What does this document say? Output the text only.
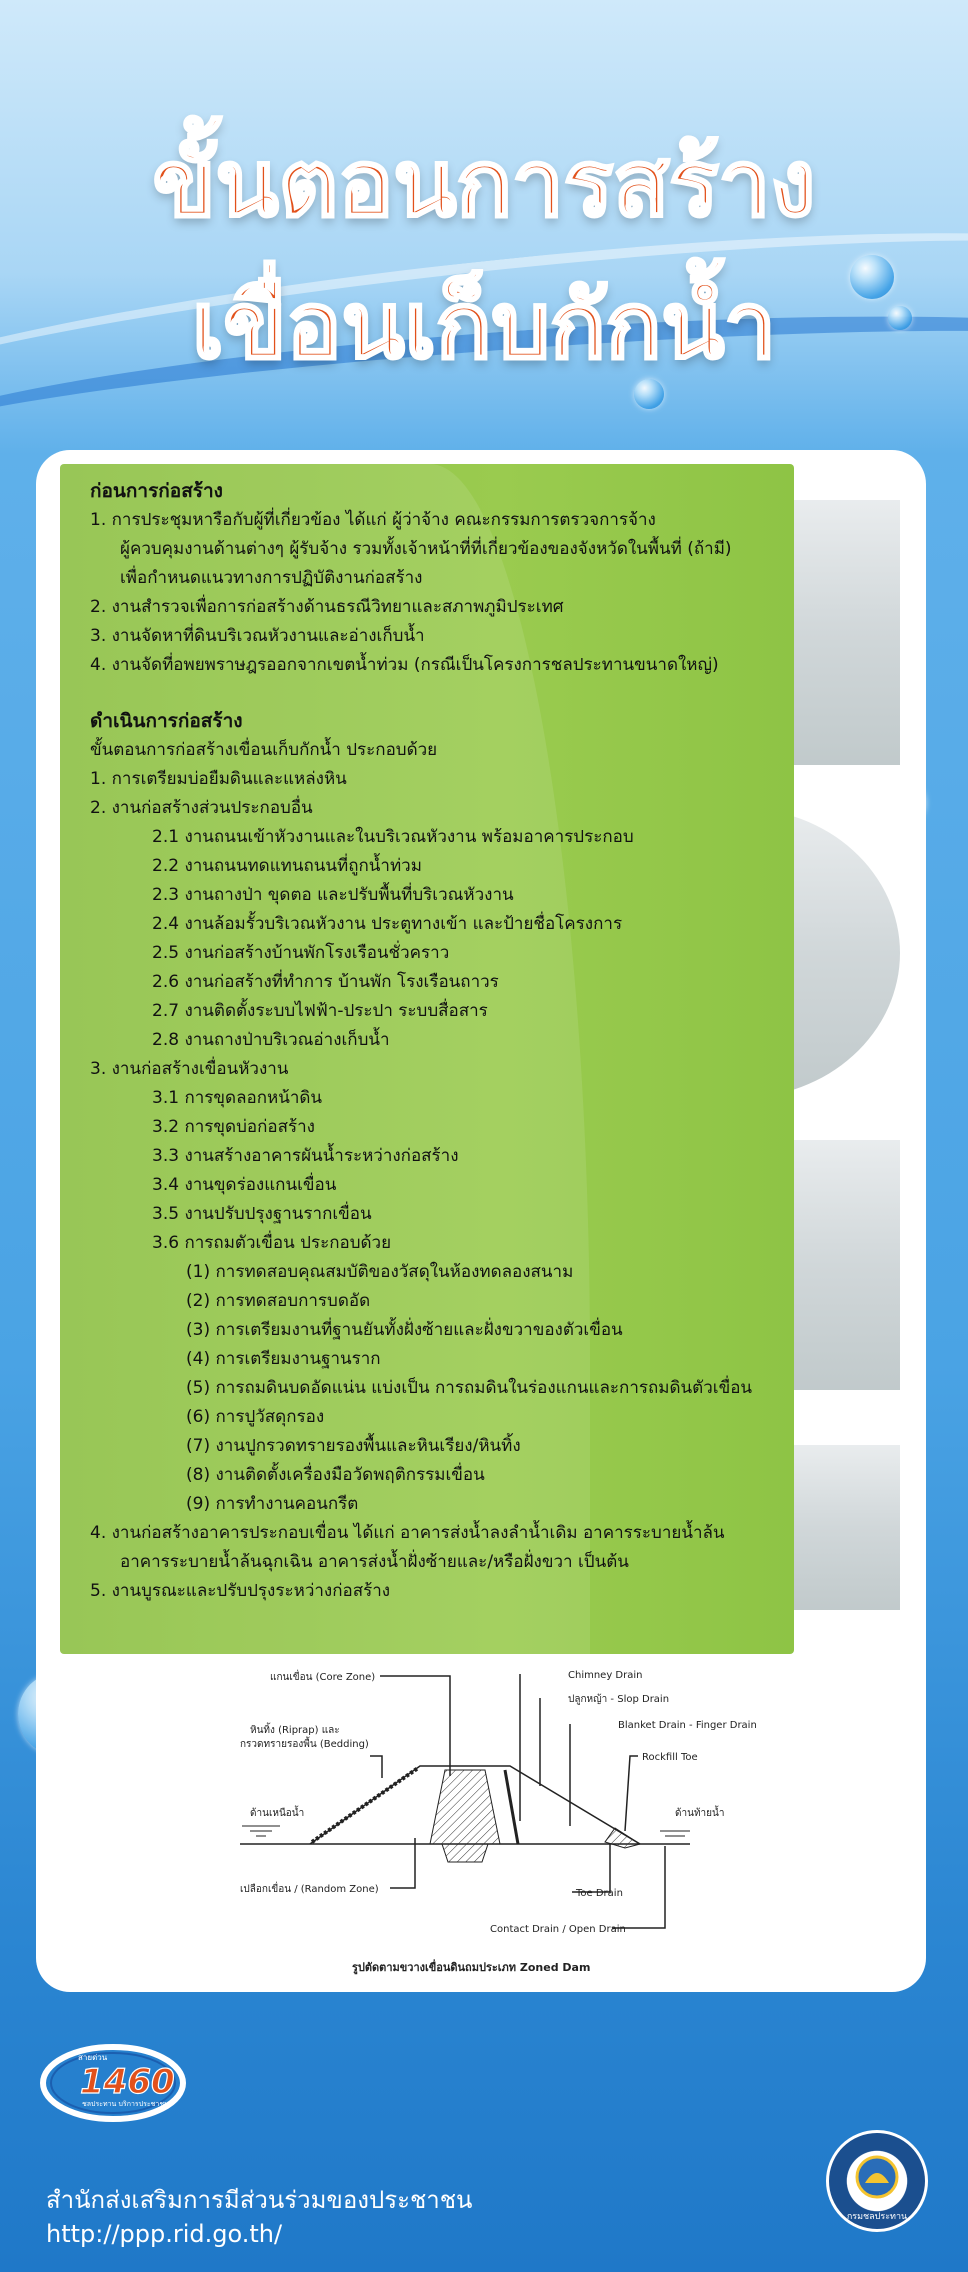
ขั้นตอนการสร้าง
เขื่อนเก็บกักน้ำ
ก่อนการก่อสร้าง
1. การประชุมหารือกับผู้ที่เกี่ยวข้อง ได้แก่ ผู้ว่าจ้าง คณะกรรมการตรวจการจ้าง
ผู้ควบคุมงานด้านต่างๆ ผู้รับจ้าง รวมทั้งเจ้าหน้าที่ที่เกี่ยวข้องของจังหวัดในพื้นที่ (ถ้ามี)
เพื่อกำหนดแนวทางการปฏิบัติงานก่อสร้าง
2. งานสำรวจเพื่อการก่อสร้างด้านธรณีวิทยาและสภาพภูมิประเทศ
3. งานจัดหาที่ดินบริเวณหัวงานและอ่างเก็บน้ำ
4. งานจัดที่อพยพราษฎรออกจากเขตน้ำท่วม (กรณีเป็นโครงการชลประทานขนาดใหญ่)
ดำเนินการก่อสร้าง
ขั้นตอนการก่อสร้างเขื่อนเก็บกักน้ำ ประกอบด้วย
1. การเตรียมบ่อยืมดินและแหล่งหิน
2. งานก่อสร้างส่วนประกอบอื่น
2.1 งานถนนเข้าหัวงานและในบริเวณหัวงาน พร้อมอาคารประกอบ
2.2 งานถนนทดแทนถนนที่ถูกน้ำท่วม
2.3 งานถางป่า ขุดตอ และปรับพื้นที่บริเวณหัวงาน
2.4 งานล้อมรั้วบริเวณหัวงาน ประตูทางเข้า และป้ายชื่อโครงการ
2.5 งานก่อสร้างบ้านพักโรงเรือนชั่วคราว
2.6 งานก่อสร้างที่ทำการ บ้านพัก โรงเรือนถาวร
2.7 งานติดตั้งระบบไฟฟ้า-ประปา ระบบสื่อสาร
2.8 งานถางป่าบริเวณอ่างเก็บน้ำ
3. งานก่อสร้างเขื่อนหัวงาน
3.1 การขุดลอกหน้าดิน
3.2 การขุดบ่อก่อสร้าง
3.3 งานสร้างอาคารผันน้ำระหว่างก่อสร้าง
3.4 งานขุดร่องแกนเขื่อน
3.5 งานปรับปรุงฐานรากเขื่อน
3.6 การถมตัวเขื่อน ประกอบด้วย
(1) การทดสอบคุณสมบัติของวัสดุในห้องทดลองสนาม
(2) การทดสอบการบดอัด
(3) การเตรียมงานที่ฐานยันทั้งฝั่งซ้ายและฝั่งขวาของตัวเขื่อน
(4) การเตรียมงานฐานราก
(5) การถมดินบดอัดแน่น แบ่งเป็น การถมดินในร่องแกนและการถมดินตัวเขื่อน
(6) การปูวัสดุกรอง
(7) งานปูกรวดทรายรองพื้นและหินเรียง/หินทิ้ง
(8) งานติดตั้งเครื่องมือวัดพฤติกรรมเขื่อน
(9) การทำงานคอนกรีต
4. งานก่อสร้างอาคารประกอบเขื่อน ได้แก่ อาคารส่งน้ำลงลำน้ำเดิม อาคารระบายน้ำล้น
อาคารระบายน้ำล้นฉุกเฉิน อาคารส่งน้ำฝั่งซ้ายและ/หรือฝั่งขวา เป็นต้น
5. งานบูรณะและปรับปรุงระหว่างก่อสร้าง
แกนเขื่อน (Core Zone)	Chimney Drain
ปลูกหญ้า - Slop Drain
Blanket Drain - Finger Drain
หินทิ้ง (Riprap) และ
กรวดทรายรองพื้น (Bedding)
Rockfill Toe
ด้านเหนือน้ำ	ด้านท้ายน้ำ
เปลือกเขื่อน / (Random Zone)	Toe Drain
Contact Drain / Open Drain
รูปตัดตามขวางเขื่อนดินถมประเภท Zoned Dam
สายด่วน
1460
ชลประทาน บริการประชาชน
สำนักส่งเสริมการมีส่วนร่วมของประชาชน
http://ppp.rid.go.th/
กรมชลประทาน
